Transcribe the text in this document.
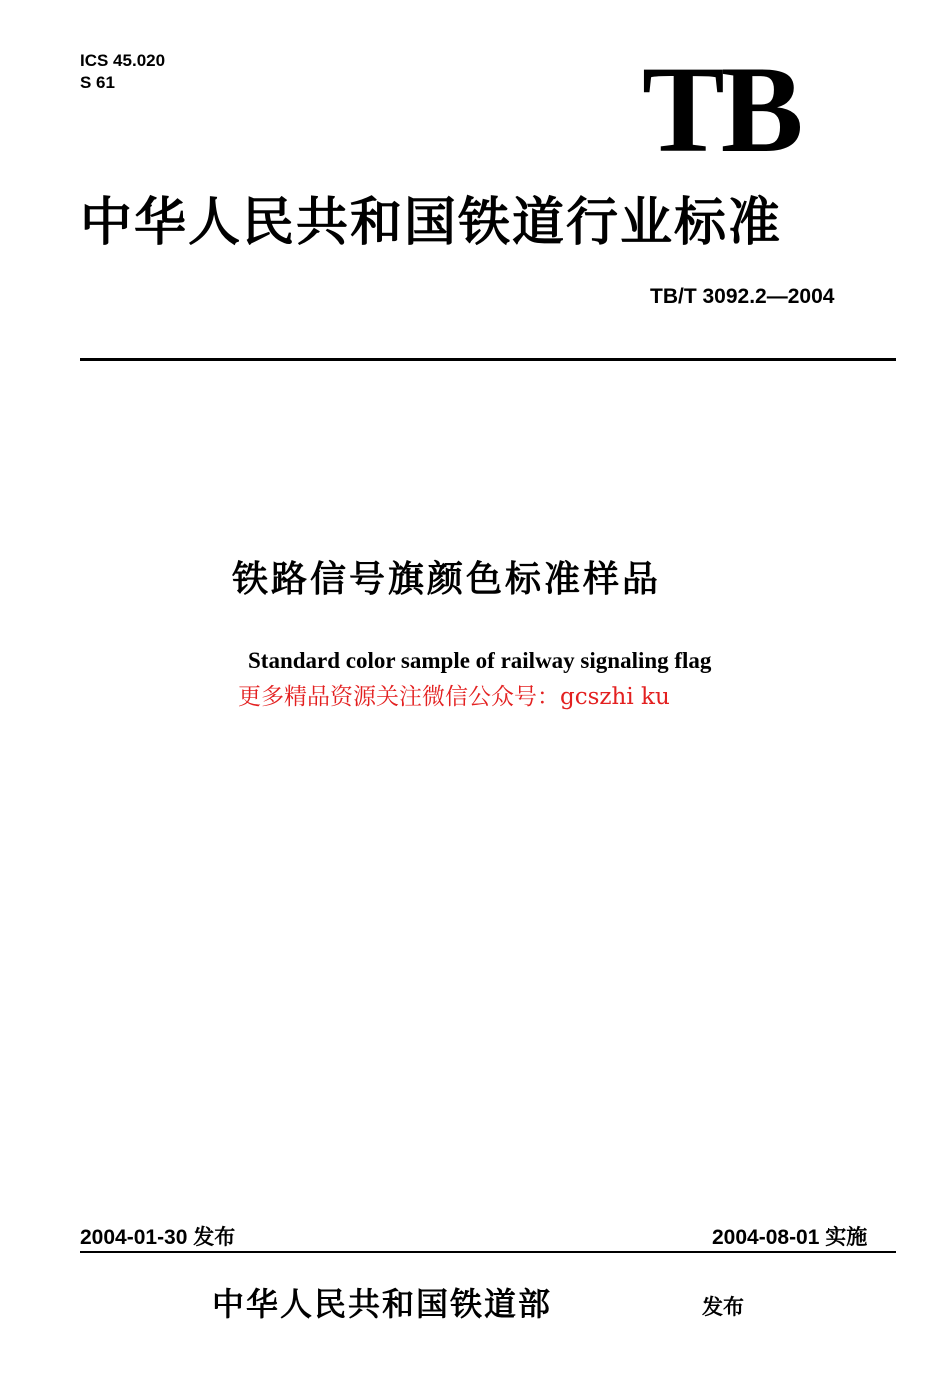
ICS 45.020
S 61	TB
中华人民共和国铁道行业标准
TB/T 3092.2—2004
铁路信号旗颜色标准样品
Standard color sample of railway signaling flag
更多精品资源关注微信公众号：gcszhi ku
2004-01-30 发布	2004-08-01 实施
中华人民共和国铁道部	发布
